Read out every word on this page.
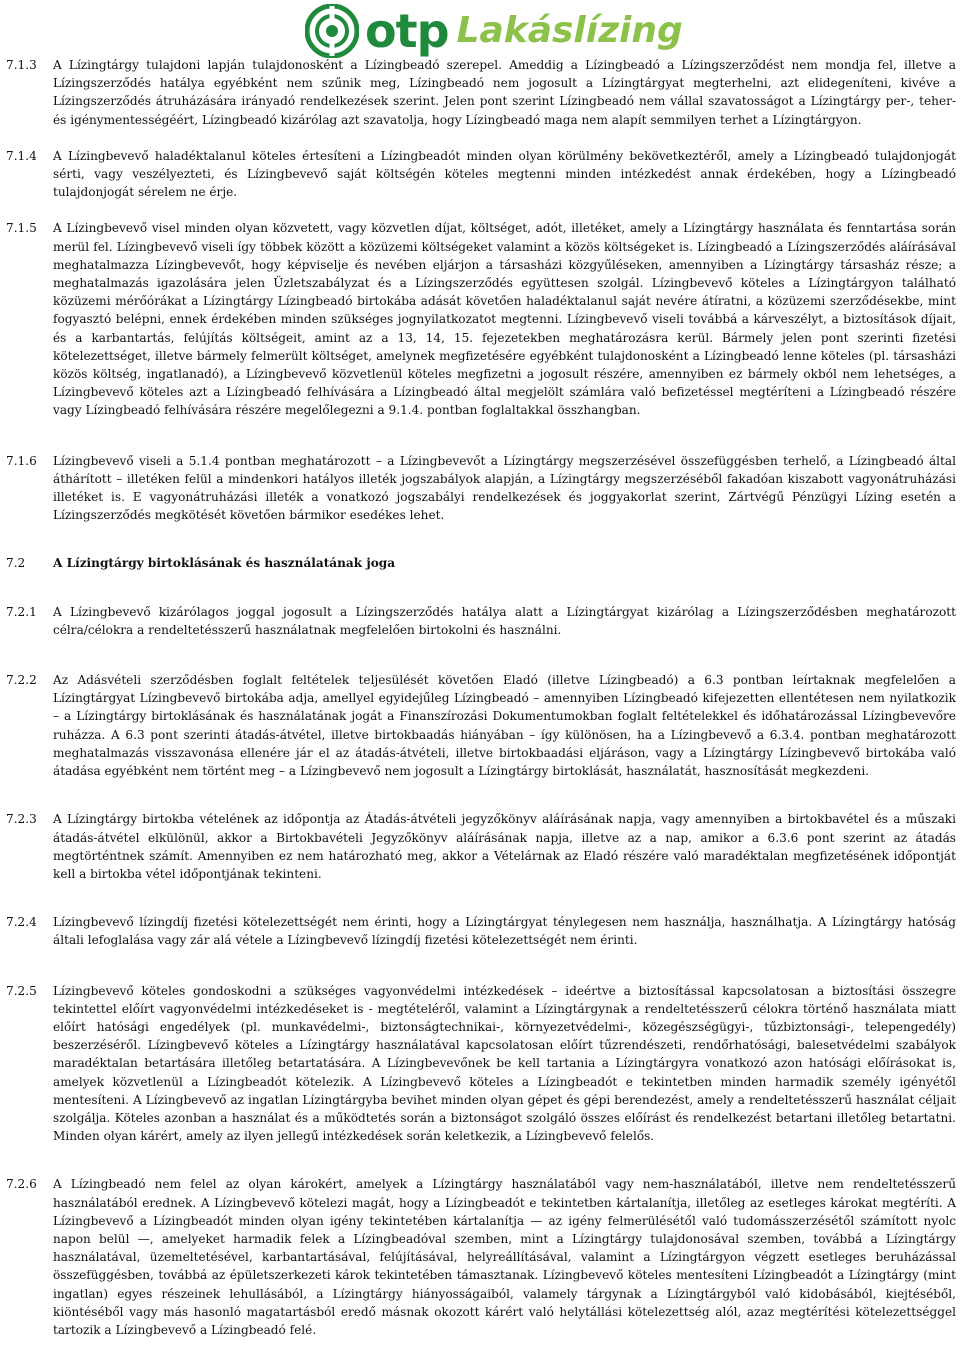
otp Lakáslízing
7.1.3	A Lízingtárgy tulajdoni lapján tulajdonosként a Lízingbeadó szerepel. Ameddig a Lízingbeadó a Lízingszerződést nem mondja fel, illetve a Lízingszerződés hatálya egyébként nem szűnik meg, Lízingbeadó nem jogosult a Lízingtárgyat megterhelni, azt elidegeníteni, kivéve a Lízingszerződés átruházására irányadó rendelkezések szerint. Jelen pont szerint Lízingbeadó nem vállal szavatosságot a Lízingtárgy per-, teher- és igénymentességéért, Lízingbeadó kizárólag azt szavatolja, hogy Lízingbeadó maga nem alapít semmilyen terhet a Lízingtárgyon.
7.1.4	A Lízingbevevő haladéktalanul köteles értesíteni a Lízingbeadót minden olyan körülmény bekövetkeztéről, amely a Lízingbeadó tulajdonjogát sérti, vagy veszélyezteti, és Lízingbevevő saját költségén köteles megtenni minden intézkedést annak érdekében, hogy a Lízingbeadó tulajdonjogát sérelem ne érje.
7.1.5	A Lízingbevevő visel minden olyan közvetett, vagy közvetlen díjat, költséget, adót, illetéket, amely a Lízingtárgy használata és fenntartása során merül fel. Lízingbevevő viseli így többek között a közüzemi költségeket valamint a közös költségeket is. Lízingbeadó a Lízingszerződés aláírásával meghatalmazza Lízingbevevőt, hogy képviselje és nevében eljárjon a társasházi közgyűléseken, amennyiben a Lízingtárgy társasház része; a meghatalmazás igazolására jelen Üzletszabályzat és a Lízingszerződés együttesen szolgál. Lízingbevevő köteles a Lízingtárgyon található közüzemi mérőórákat a Lízingtárgy Lízingbeadó birtokába adását követően haladéktalanul saját nevére átíratni, a közüzemi szerződésekbe, mint fogyasztó belépni, ennek érdekében minden szükséges jognyilatkozatot megtenni. Lízingbevevő viseli továbbá a kárveszélyt, a biztosítások díjait, és a karbantartás, felújítás költségeit, amint az a 13, 14, 15. fejezetekben meghatározásra kerül. Bármely jelen pont szerinti fizetési kötelezettséget, illetve bármely felmerült költséget, amelynek megfizetésére egyébként tulajdonosként a Lízingbeadó lenne köteles (pl. társasházi közös költség, ingatlanadó), a Lízingbevevő közvetlenül köteles megfizetni a jogosult részére, amennyiben ez bármely okból nem lehetséges, a Lízingbevevő köteles azt a Lízingbeadó felhívására a Lízingbeadó által megjelölt számlára való befizetéssel megtéríteni a Lízingbeadó részére vagy Lízingbeadó felhívására részére megelőlegezni a 9.1.4. pontban foglaltakkal összhangban.
7.1.6	Lízingbevevő viseli a 5.1.4 pontban meghatározott – a Lízingbevevőt a Lízingtárgy megszerzésével összefüggésben terhelő, a Lízingbeadó által áthárított – illetéken felül a mindenkori hatályos illeték jogszabályok alapján, a Lízingtárgy megszerzéséből fakadóan kiszabott vagyonátruházási illetéket is. E vagyonátruházási illeték a vonatkozó jogszabályi rendelkezések és joggyakorlat szerint, Zártvégű Pénzügyi Lízing esetén a Lízingszerződés megkötését követően bármikor esedékes lehet.
7.2	A Lízingtárgy birtoklásának és használatának joga
7.2.1	A Lízingbevevő kizárólagos joggal jogosult a Lízingszerződés hatálya alatt a Lízingtárgyat kizárólag a Lízingszerződésben meghatározott célra/célokra a rendeltetésszerű használatnak megfelelően birtokolni és használni.
7.2.2	Az Adásvételi szerződésben foglalt feltételek teljesülését követően Eladó (illetve Lízingbeadó) a 6.3 pontban leírtaknak megfelelően a Lízingtárgyat Lízingbevevő birtokába adja, amellyel egyidejűleg Lízingbeadó – amennyiben Lízingbeadó kifejezetten ellentétesen nem nyilatkozik – a Lízingtárgy birtoklásának és használatának jogát a Finanszírozási Dokumentumokban foglalt feltételekkel és időhatározással Lízingbevevőre ruházza. A 6.3 pont szerinti átadás-átvétel, illetve birtokbaadás hiányában – így különösen, ha a Lízingbevevő a 6.3.4. pontban meghatározott meghatalmazás visszavonása ellenére jár el az átadás-átvételi, illetve birtokbaadási eljáráson, vagy a Lízingtárgy Lízingbevevő birtokába való átadása egyébként nem történt meg – a Lízingbevevő nem jogosult a Lízingtárgy birtoklását, használatát, hasznosítását megkezdeni.
7.2.3	A Lízingtárgy birtokba vételének az időpontja az Átadás-átvételi jegyzőkönyv aláírásának napja, vagy amennyiben a birtokbavétel és a műszaki átadás-átvétel elkülönül, akkor a Birtokbavételi Jegyzőkönyv aláírásának napja, illetve az a nap, amikor a 6.3.6 pont szerint az átadás megtörténtnek számít. Amennyiben ez nem határozható meg, akkor a Vételárnak az Eladó részére való maradéktalan megfizetésének időpontját kell a birtokba vétel időpontjának tekinteni.
7.2.4	Lízingbevevő lízingdíj fizetési kötelezettségét nem érinti, hogy a Lízingtárgyat ténylegesen nem használja, használhatja. A Lízingtárgy hatóság általi lefoglalása vagy zár alá vétele a Lízingbevevő lízingdíj fizetési kötelezettségét nem érinti.
7.2.5	Lízingbevevő köteles gondoskodni a szükséges vagyonvédelmi intézkedések – ideértve a biztosítással kapcsolatosan a biztosítási összegre tekintettel előírt vagyonvédelmi intézkedéseket is - megtételéről, valamint a Lízingtárgynak a rendeltetésszerű célokra történő használata miatt előírt hatósági engedélyek (pl. munkavédelmi-, biztonságtechnikai-, környezetvédelmi-, közegészségügyi-, tűzbiztonsági-, telepengedély) beszerzéséről. Lízingbevevő köteles a Lízingtárgy használatával kapcsolatosan előírt tűzrendészeti, rendőrhatósági, balesetvédelmi szabályok maradéktalan betartására illetőleg betartatására. A Lízingbevevőnek be kell tartania a Lízingtárgyra vonatkozó azon hatósági előírásokat is, amelyek közvetlenül a Lízingbeadót kötelezik. A Lízingbevevő köteles a Lízingbeadót e tekintetben minden harmadik személy igényétől mentesíteni. A Lízingbevevő az ingatlan Lízingtárgyba bevihet minden olyan gépet és gépi berendezést, amely a rendeltetésszerű használat céljait szolgálja. Köteles azonban a használat és a működtetés során a biztonságot szolgáló összes előírást és rendelkezést betartani illetőleg betartatni. Minden olyan kárért, amely az ilyen jellegű intézkedések során keletkezik, a Lízingbevevő felelős.
7.2.6	A Lízingbeadó nem felel az olyan károkért, amelyek a Lízingtárgy használatából vagy nem-használatából, illetve nem rendeltetésszerű használatából erednek. A Lízingbevevő kötelezi magát, hogy a Lízingbeadót e tekintetben kártalanítja, illetőleg az esetleges károkat megtéríti. A Lízingbevevő a Lízingbeadót minden olyan igény tekintetében kártalanítja — az igény felmerülésétől való tudomásszerzésétől számított nyolc napon belül —, amelyeket harmadik felek a Lízingbeadóval szemben, mint a Lízingtárgy tulajdonosával szemben, továbbá a Lízingtárgy használatával, üzemeltetésével, karbantartásával, felújításával, helyreállításával, valamint a Lízingtárgyon végzett esetleges beruházással összefüggésben, továbbá az épületszerkezeti károk tekintetében támasztanak. Lízingbevevő köteles mentesíteni Lízingbeadót a Lízingtárgy (mint ingatlan) egyes részeinek lehullásából, a Lízingtárgy hiányosságaiból, valamely tárgynak a Lízingtárgyból való kidobásából, kiejtéséből, kiöntéséből vagy más hasonló magatartásból eredő másnak okozott kárért való helytállási kötelezettség alól, azaz megtérítési kötelezettséggel tartozik a Lízingbevevő a Lízingbeadó felé.
